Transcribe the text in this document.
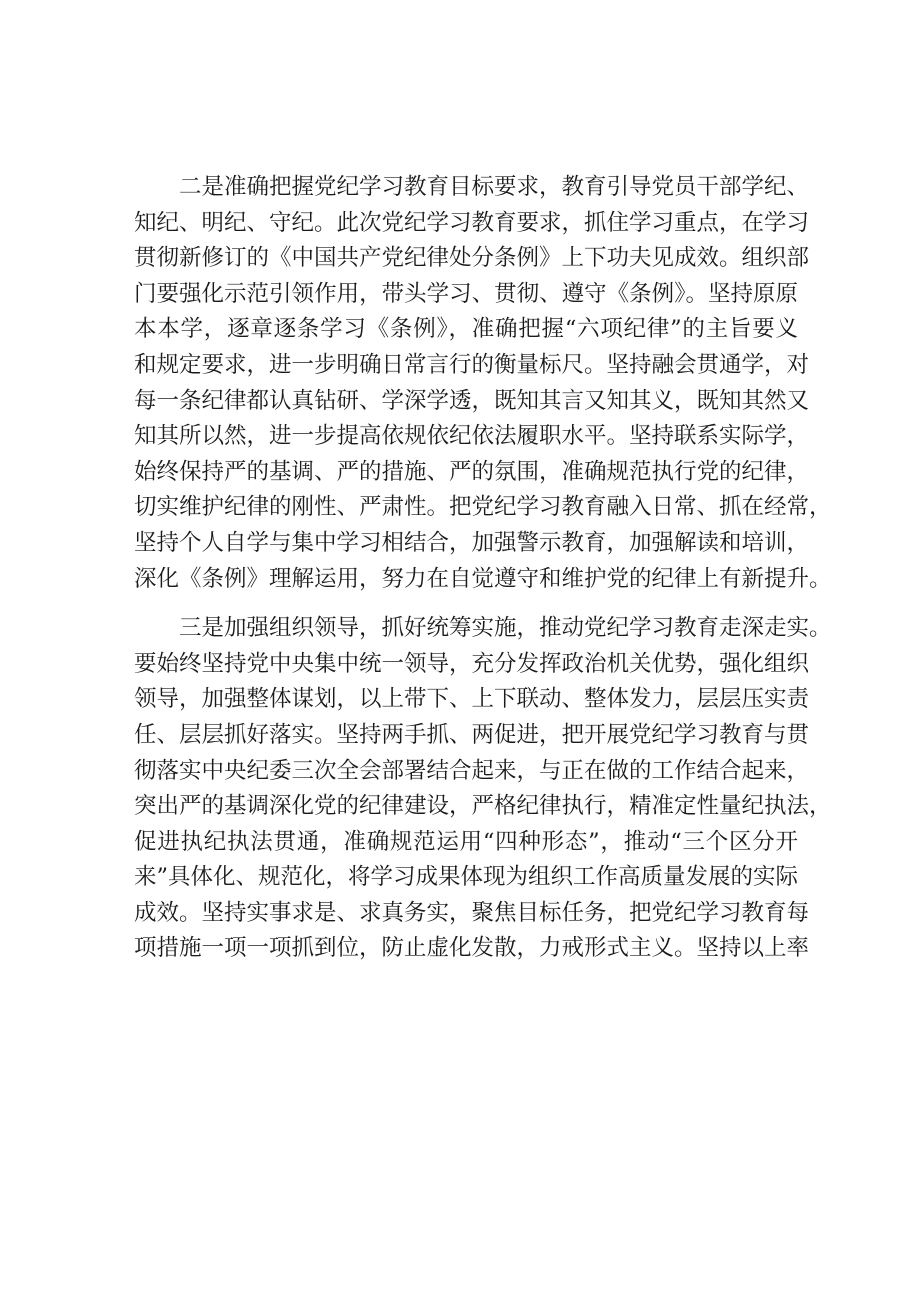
二是准确把握党纪学习教育目标要求，教育引导党员干部学纪、
知纪、明纪、守纪。此次党纪学习教育要求，抓住学习重点，在学习
贯彻新修订的《中国共产党纪律处分条例》上下功夫见成效。组织部
门要强化示范引领作用，带头学习、贯彻、遵守《条例》。坚持原原
本本学，逐章逐条学习《条例》，准确把握“六项纪律”的主旨要义
和规定要求，进一步明确日常言行的衡量标尺。坚持融会贯通学，对
每一条纪律都认真钻研、学深学透，既知其言又知其义，既知其然又
知其所以然，进一步提高依规依纪依法履职水平。坚持联系实际学，
始终保持严的基调、严的措施、严的氛围，准确规范执行党的纪律，
切实维护纪律的刚性、严肃性。把党纪学习教育融入日常、抓在经常，
坚持个人自学与集中学习相结合，加强警示教育，加强解读和培训，
深化《条例》理解运用，努力在自觉遵守和维护党的纪律上有新提升。
三是加强组织领导，抓好统筹实施，推动党纪学习教育走深走实。
要始终坚持党中央集中统一领导，充分发挥政治机关优势，强化组织
领导，加强整体谋划，以上带下、上下联动、整体发力，层层压实责
任、层层抓好落实。坚持两手抓、两促进，把开展党纪学习教育与贯
彻落实中央纪委三次全会部署结合起来，与正在做的工作结合起来，
突出严的基调深化党的纪律建设，严格纪律执行，精准定性量纪执法，
促进执纪执法贯通，准确规范运用“四种形态”，推动“三个区分开
来”具体化、规范化，将学习成果体现为组织工作高质量发展的实际
成效。坚持实事求是、求真务实，聚焦目标任务，把党纪学习教育每
项措施一项一项抓到位，防止虚化发散，力戒形式主义。坚持以上率
